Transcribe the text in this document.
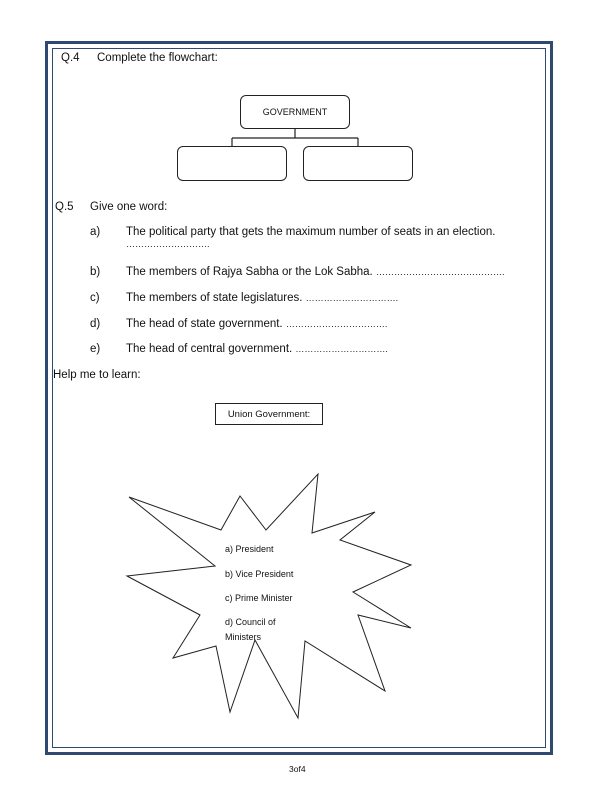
Q.4 Complete the flowchart:
GOVERNMENT
Q.5 Give one word:
a) The political party that gets the maximum number of seats in an election.
……………………….
b) The members of Rajya Sabha or the Lok Sabha. …………………………………….
c) The members of state legislatures. ………………………….
d) The head of state government. …………………………….
e) The head of central government. ………………………….
Help me to learn:
Union Government:
a) President
b) Vice President
c) Prime Minister
d) Council of
Ministers
3of4
